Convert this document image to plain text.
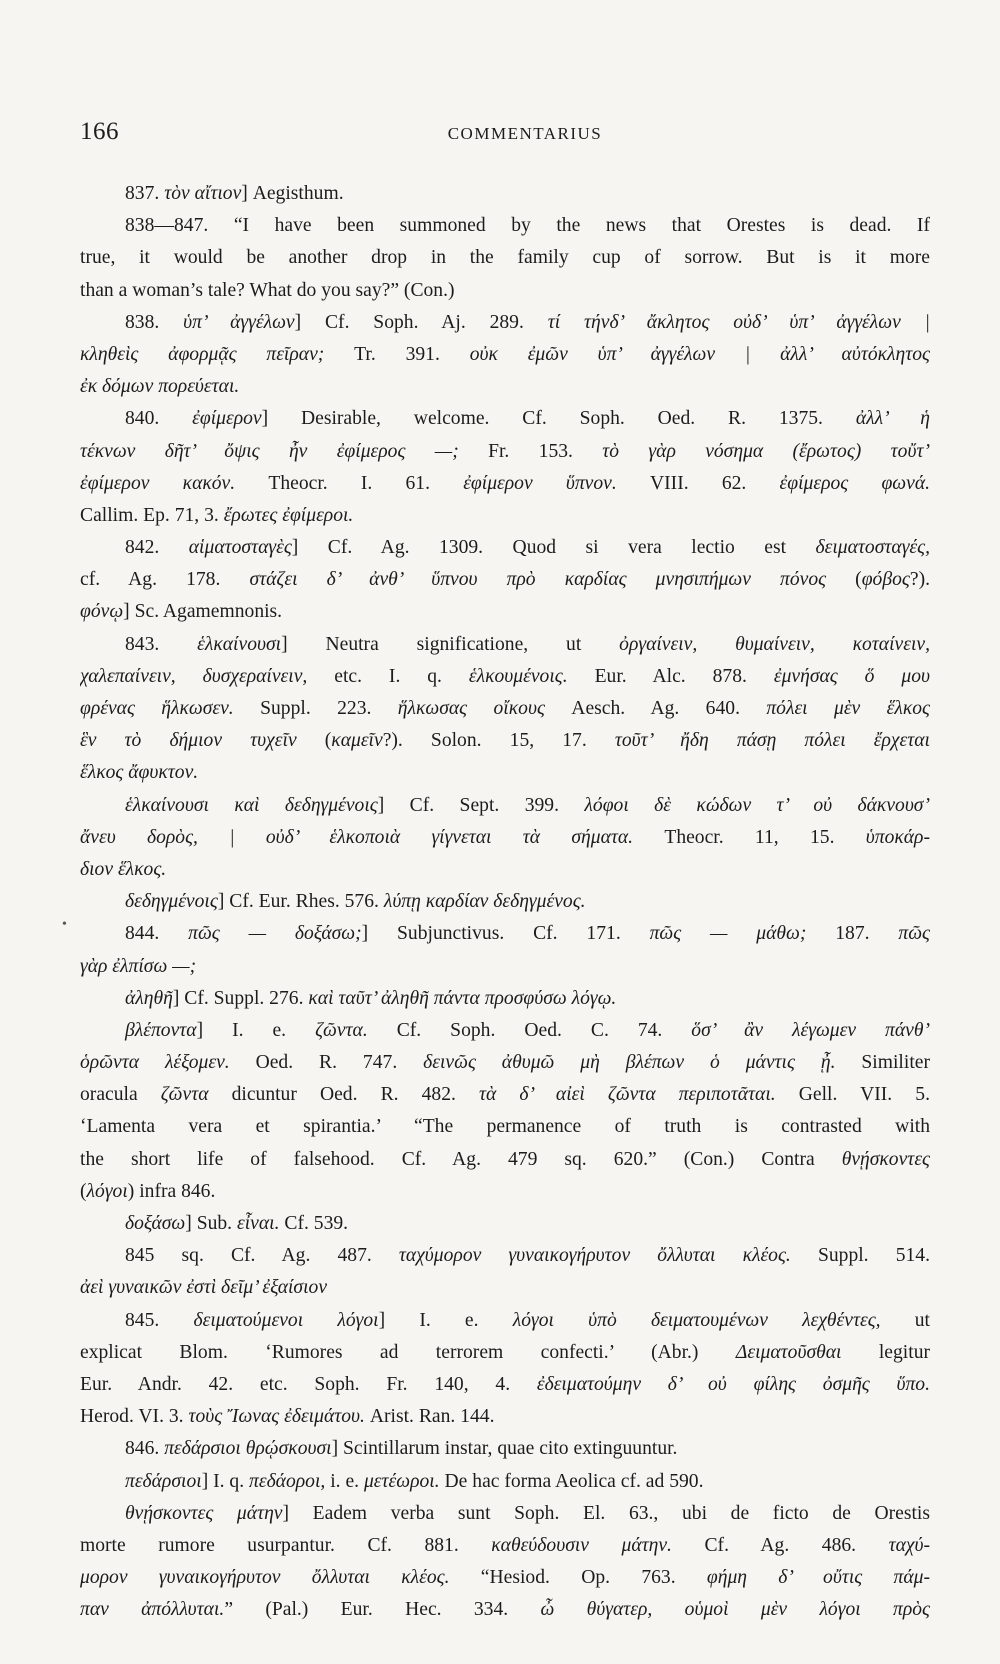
166	COMMENTARIUS
•
837. τὸν αἴτιον] Aegisthum.
838—847. “I have been summoned by the news that Orestes is dead. If
true, it would be another drop in the family cup of sorrow. But is it more
than a woman’s tale? What do you say?” (Con.)
838. ὑπ’ ἀγγέλων] Cf. Soph. Aj. 289. τί τήνδ’ ἄκλητος οὐδ’ ὑπ’ ἀγγέλων |
κληθεὶς ἀφορμᾷς πεῖραν; Tr. 391. οὐκ ἐμῶν ὑπ’ ἀγγέλων | ἀλλ’ αὐτόκλητος
ἐκ δόμων πορεύεται.
840. ἐφίμερον] Desirable, welcome. Cf. Soph. Oed. R. 1375. ἀλλ’ ἡ
τέκνων δῆτ’ ὄψις ἦν ἐφίμερος —; Fr. 153. τὸ γὰρ νόσημα (ἔρωτος) τοὔτ’
ἐφίμερον κακόν. Theocr. I. 61. ἐφίμερον ὕπνον. VIII. 62. ἐφίμερος φωνά.
Callim. Ep. 71, 3. ἔρωτες ἐφίμεροι.
842. αἱματοσταγὲς] Cf. Ag. 1309. Quod si vera lectio est δειματοσταγές,
cf. Ag. 178. στάζει δ’ ἀνθ’ ὕπνου πρὸ καρδίας μνησιπήμων πόνος (φόβος?).
φόνῳ] Sc. Agamemnonis.
843. ἑλκαίνουσι] Neutra significatione, ut ὀργαίνειν, θυμαίνειν, κοταίνειν,
χαλεπαίνειν, δυσχεραίνειν, etc. I. q. ἑλκουμένοις. Eur. Alc. 878. ἐμνήσας ὅ μου
φρένας ἥλκωσεν. Suppl. 223. ἥλκωσας οἴκους Aesch. Ag. 640. πόλει μὲν ἕλκος
ἓν τὸ δήμιον τυχεῖν (καμεῖν?). Solon. 15, 17. τοῦτ’ ἤδη πάσῃ πόλει ἔρχεται
ἕλκος ἄφυκτον.
ἑλκαίνουσι καὶ δεδηγμένοις] Cf. Sept. 399. λόφοι δὲ κώδων τ’ οὐ δάκνουσ’
ἄνευ δορὸς, | οὐδ’ ἑλκοποιὰ γίγνεται τὰ σήματα. Theocr. 11, 15. ὑποκάρ-
διον ἕλκος.
δεδηγμένοις] Cf. Eur. Rhes. 576. λύπῃ καρδίαν δεδηγμένος.
844. πῶς — δοξάσω;] Subjunctivus. Cf. 171. πῶς — μάθω; 187. πῶς
γὰρ ἐλπίσω —;
ἀληθῆ] Cf. Suppl. 276. καὶ ταῦτ’ ἀληθῆ πάντα προσφύσω λόγῳ.
βλέποντα] I. e. ζῶντα. Cf. Soph. Oed. C. 74. ὅσ’ ἂν λέγωμεν πάνθ’
ὁρῶντα λέξομεν. Oed. R. 747. δεινῶς ἀθυμῶ μὴ βλέπων ὁ μάντις ᾖ. Similiter
oracula ζῶντα dicuntur Oed. R. 482. τὰ δ’ αἰεὶ ζῶντα περιποτᾶται. Gell. VII. 5.
‘Lamenta vera et spirantia.’ “The permanence of truth is contrasted with
the short life of falsehood. Cf. Ag. 479 sq. 620.” (Con.) Contra θνῄσκοντες
(λόγοι) infra 846.
δοξάσω] Sub. εἶναι. Cf. 539.
845 sq. Cf. Ag. 487. ταχύμορον γυναικογήρυτον ὄλλυται κλέος. Suppl. 514.
ἀεὶ γυναικῶν ἐστὶ δεῖμ’ ἐξαίσιον
845. δειματούμενοι λόγοι] I. e. λόγοι ὑπὸ δειματουμένων λεχθέντες, ut
explicat Blom. ‘Rumores ad terrorem confecti.’ (Abr.) Δειματοῦσθαι legitur
Eur. Andr. 42. etc. Soph. Fr. 140, 4. ἐδειματούμην δ’ οὐ φίλης ὀσμῆς ὕπο.
Herod. VI. 3. τοὺς Ἴωνας ἐδειμάτου. Arist. Ran. 144.
846. πεδάρσιοι θρῴσκουσι] Scintillarum instar, quae cito extinguuntur.
πεδάρσιοι] I. q. πεδάοροι, i. e. μετέωροι. De hac forma Aeolica cf. ad 590.
θνῄσκοντες μάτην] Eadem verba sunt Soph. El. 63., ubi de ficto de Orestis
morte rumore usurpantur. Cf. 881. καθεύδουσιν μάτην. Cf. Ag. 486. ταχύ-
μορον γυναικογήρυτον ὄλλυται κλέος. “Hesiod. Op. 763. φήμη δ’ οὔτις πάμ-
παν ἀπόλλυται.” (Pal.) Eur. Hec. 334. ὦ θύγατερ, οὑμοὶ μὲν λόγοι πρὸς
